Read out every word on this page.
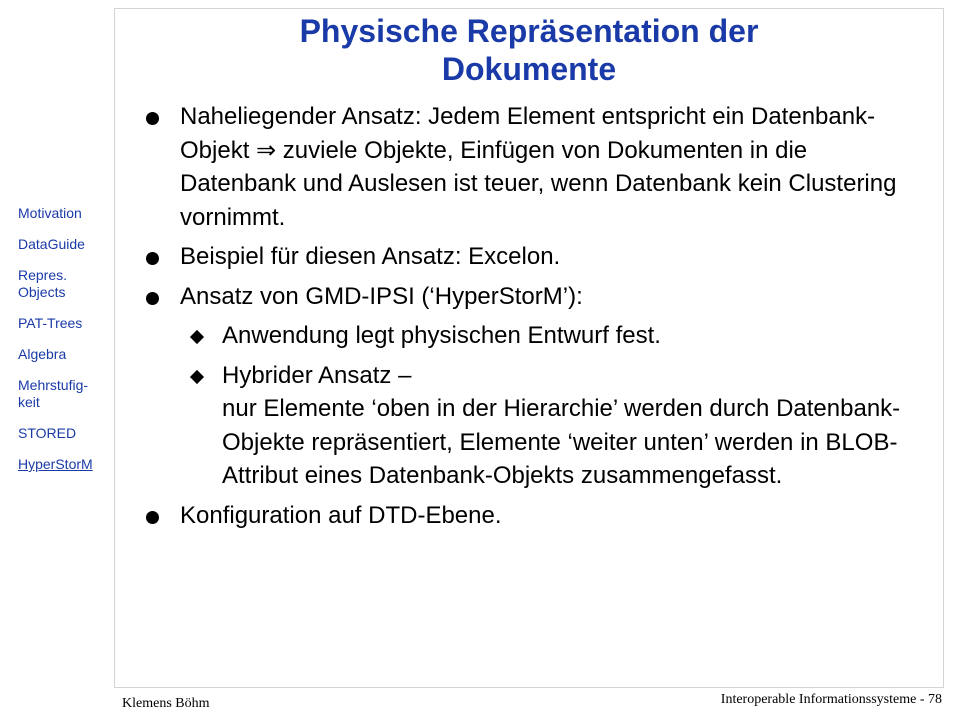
Physische Repräsentation der
Dokumente
Motivation
DataGuide
Repres.
Objects
PAT-Trees
Algebra
Mehrstufig-
keit
STORED
HyperStorM
Naheliegender Ansatz: Jedem Element entspricht ein Datenbank-Objekt ⇒ zuviele Objekte, Einfügen von Dokumenten in die Datenbank und Auslesen ist teuer, wenn Datenbank kein Clustering vornimmt.
Beispiel für diesen Ansatz: Excelon.
Ansatz von GMD-IPSI (‘HyperStorM’):
Anwendung legt physischen Entwurf fest.
Hybrider Ansatz –
nur Elemente ‘oben in der Hierarchie’ werden durch Datenbank-Objekte repräsentiert, Elemente ‘weiter unten’ werden in BLOB-Attribut eines Datenbank-Objekts zusammengefasst.
Konfiguration auf DTD-Ebene.
Klemens Böhm	Interoperable Informationssysteme - 78
